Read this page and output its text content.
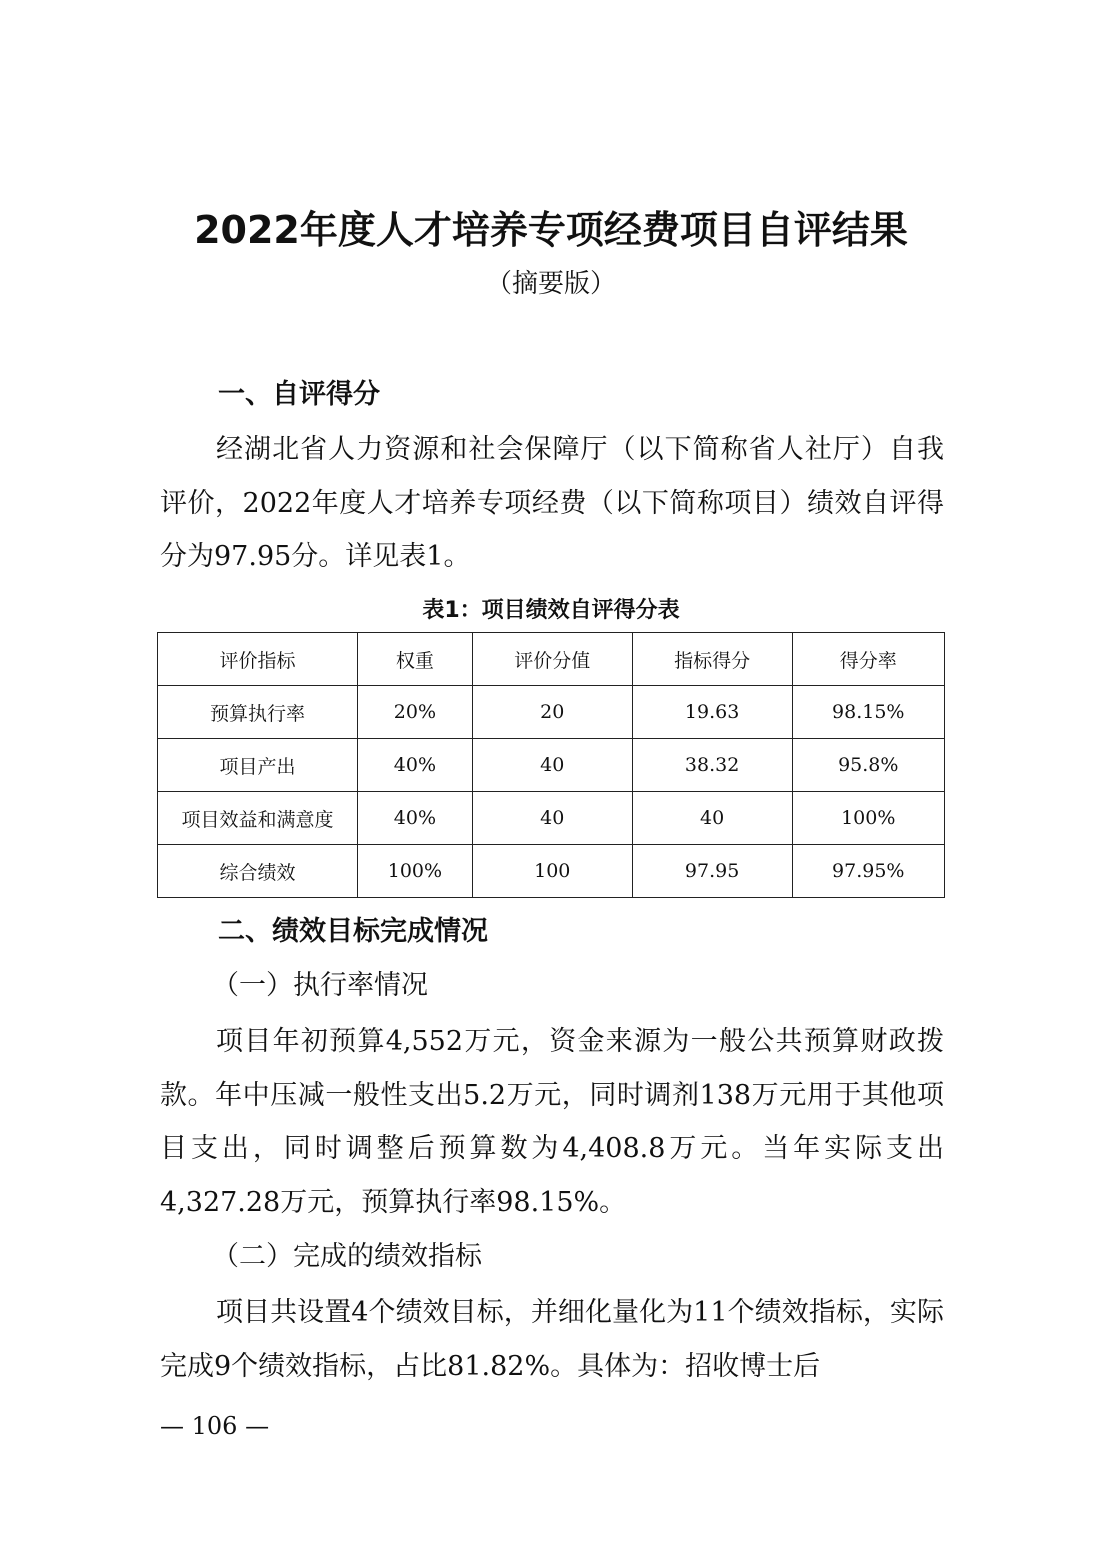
2022年度人才培养专项经费项目自评结果
（摘要版）
一、自评得分

经湖北省人力资源和社会保障厅（以下简称省人社厅）自我评价，2022年度人才培养专项经费（以下简称项目）绩效自评得分为97.95分。详见表1。

表1：项目绩效自评得分表
评价指标	权重	评价分值	指标得分	得分率
预算执行率	20%	20	19.63	98.15%
项目产出	40%	40	38.32	95.8%
项目效益和满意度	40%	40	40	100%
综合绩效	100%	100	97.95	97.95%
二、绩效目标完成情况
（一）执行率情况

项目年初预算4,552万元，资金来源为一般公共预算财政拨款。年中压减一般性支出5.2万元，同时调剂138万元用于其他项目支出，同时调整后预算数为4,408.8万元。当年实际支出4,327.28万元，预算执行率98.15%。

（二）完成的绩效指标

项目共设置4个绩效目标，并细化量化为11个绩效指标，实际完成9个绩效指标，占比81.82%。具体为：招收博士后

— 106 —
